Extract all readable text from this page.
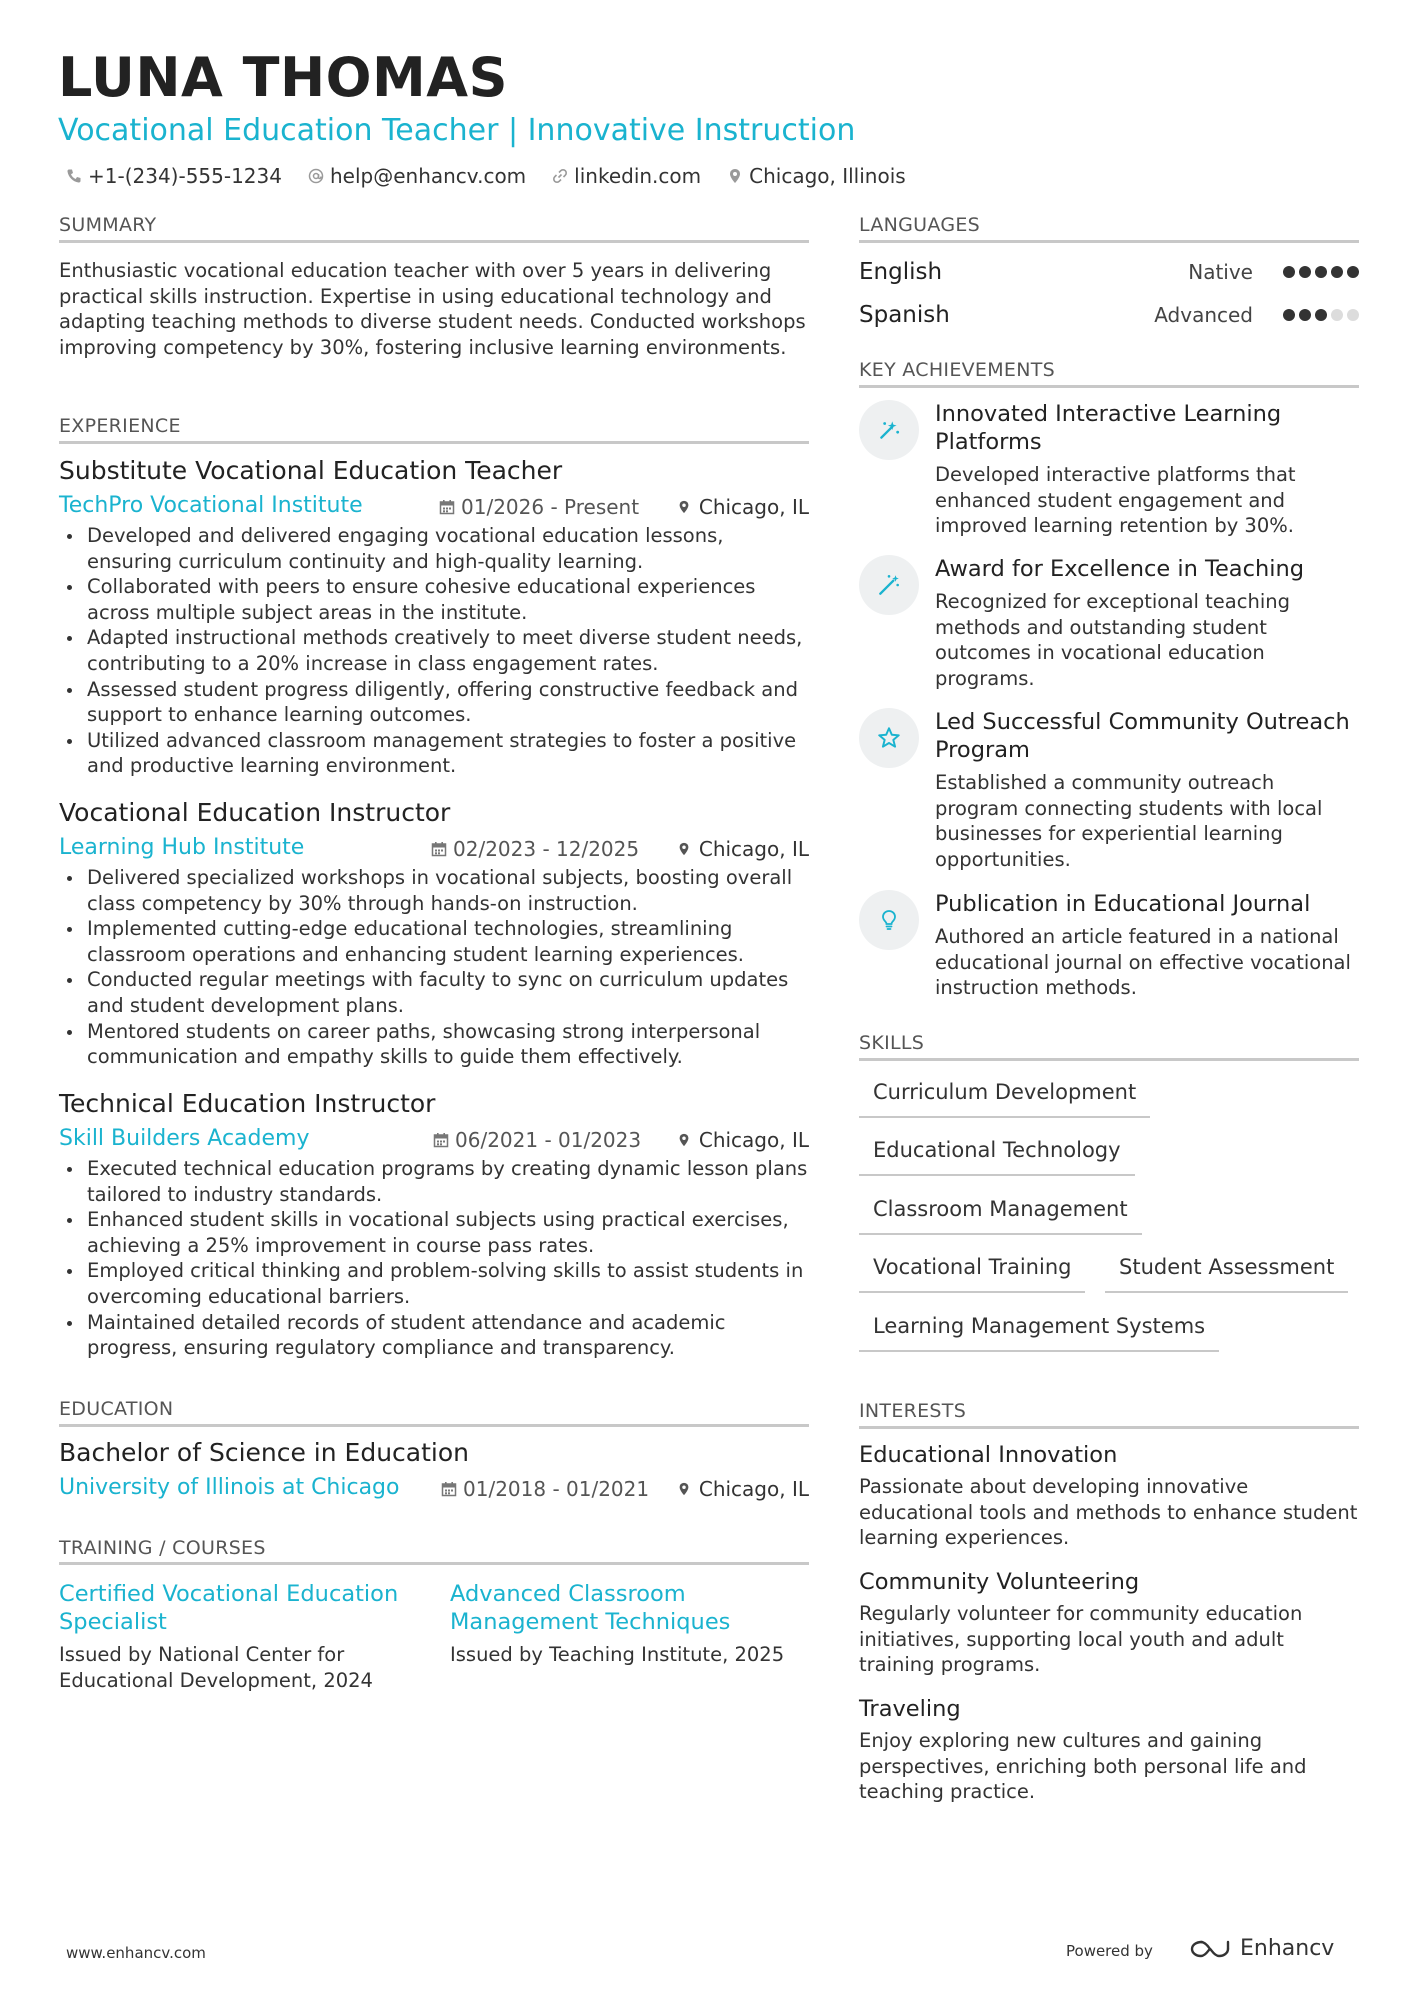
LUNA THOMAS
Vocational Education Teacher | Innovative Instruction
+1-(234)-555-1234 help@enhancv.com linkedin.com Chicago, Illinois
SUMMARY
Enthusiastic vocational education teacher with over 5 years in delivering practical skills instruction. Expertise in using educational technology and adapting teaching methods to diverse student needs. Conducted workshops improving competency by 30%, fostering inclusive learning environments.
EXPERIENCE
Substitute Vocational Education Teacher
TechPro Vocational Institute	01/2026 - Present	Chicago, IL
Developed and delivered engaging vocational education lessons, ensuring curriculum continuity and high-quality learning.
Collaborated with peers to ensure cohesive educational experiences across multiple subject areas in the institute.
Adapted instructional methods creatively to meet diverse student needs, contributing to a 20% increase in class engagement rates.
Assessed student progress diligently, offering constructive feedback and support to enhance learning outcomes.
Utilized advanced classroom management strategies to foster a positive and productive learning environment.
Vocational Education Instructor
Learning Hub Institute	02/2023 - 12/2025	Chicago, IL
Delivered specialized workshops in vocational subjects, boosting overall class competency by 30% through hands-on instruction.
Implemented cutting-edge educational technologies, streamlining classroom operations and enhancing student learning experiences.
Conducted regular meetings with faculty to sync on curriculum updates and student development plans.
Mentored students on career paths, showcasing strong interpersonal communication and empathy skills to guide them effectively.
Technical Education Instructor
Skill Builders Academy	06/2021 - 01/2023	Chicago, IL
Executed technical education programs by creating dynamic lesson plans tailored to industry standards.
Enhanced student skills in vocational subjects using practical exercises, achieving a 25% improvement in course pass rates.
Employed critical thinking and problem-solving skills to assist students in overcoming educational barriers.
Maintained detailed records of student attendance and academic progress, ensuring regulatory compliance and transparency.
EDUCATION
Bachelor of Science in Education
University of Illinois at Chicago	01/2018 - 01/2021 Chicago, IL
TRAINING / COURSES
Certified Vocational Education Specialist
Issued by National Center for Educational Development, 2024
Advanced Classroom Management Techniques
Issued by Teaching Institute, 2025
LANGUAGES
English	Native
Spanish	Advanced
KEY ACHIEVEMENTS
Innovated Interactive Learning Platforms
Developed interactive platforms that enhanced student engagement and improved learning retention by 30%.
Award for Excellence in Teaching
Recognized for exceptional teaching methods and outstanding student outcomes in vocational education programs.
Led Successful Community Outreach Program
Established a community outreach program connecting students with local businesses for experiential learning opportunities.
Publication in Educational Journal
Authored an article featured in a national educational journal on effective vocational instruction methods.
SKILLS
Curriculum Development
Educational Technology
Classroom Management
Vocational Training	Student Assessment
Learning Management Systems
INTERESTS
Educational Innovation
Passionate about developing innovative educational tools and methods to enhance student learning experiences.
Community Volunteering
Regularly volunteer for community education initiatives, supporting local youth and adult training programs.
Traveling
Enjoy exploring new cultures and gaining perspectives, enriching both personal life and teaching practice.
www.enhancv.com	Powered by	Enhancv
